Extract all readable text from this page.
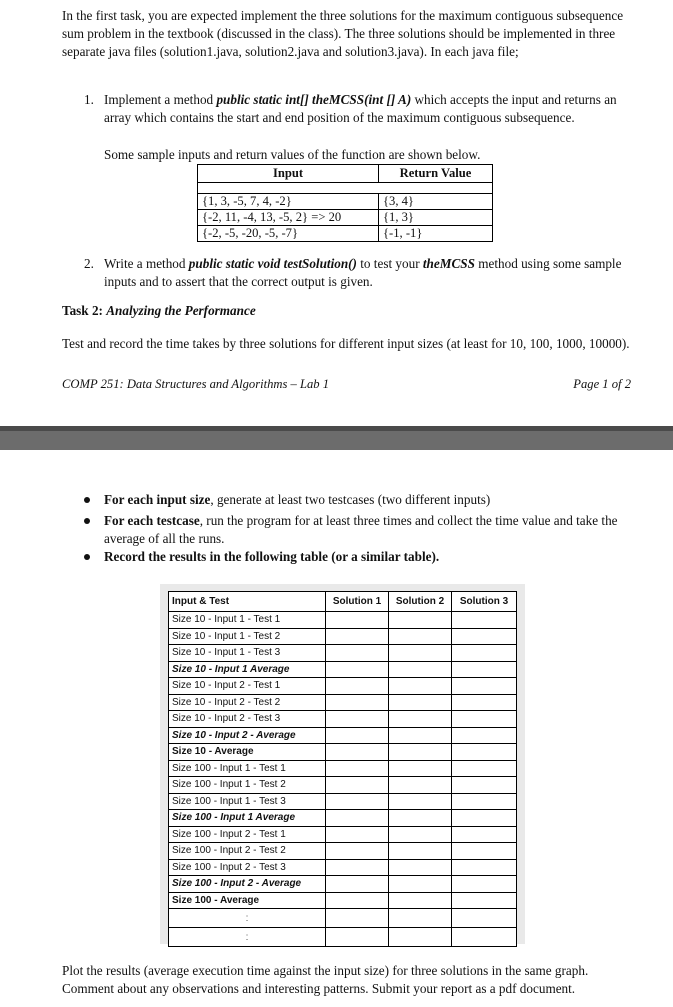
In the first task, you are expected implement the three solutions for the maximum contiguous subsequence sum problem in the textbook (discussed in the class). The three solutions should be implemented in three separate java files (solution1.java, solution2.java and solution3.java). In each java file;
1. Implement a method public static int[] theMCSS(int [] A) which accepts the input and returns an array which contains the start and end position of the maximum contiguous subsequence.
Some sample inputs and return values of the function are shown below.
Input	Return Value

{1, 3, -5, 7, 4, -2}	{3, 4}
{-2, 11, -4, 13, -5, 2} => 20	{1, 3}
{-2, -5, -20, -5, -7}	{-1, -1}
2. Write a method public static void testSolution() to test your theMCSS method using some sample inputs and to assert that the correct output is given.
Task 2: Analyzing the Performance
Test and record the time takes by three solutions for different input sizes (at least for 10, 100, 1000, 10000).
COMP 251: Data Structures and Algorithms – Lab 1	Page 1 of 2
For each input size, generate at least two testcases (two different inputs)
For each testcase, run the program for at least three times and collect the time value and take the average of all the runs.
Record the results in the following table (or a similar table).
Input & Test	Solution 1	Solution 2	Solution 3
Size 10 - Input 1 - Test 1			
Size 10 - Input 1 - Test 2			
Size 10 - Input 1 - Test 3			
Size 10 - Input 1 Average			
Size 10 - Input 2 - Test 1			
Size 10 - Input 2 - Test 2			
Size 10 - Input 2 - Test 3			
Size 10 - Input 2 - Average			
Size 10 - Average			
Size 100 - Input 1 - Test 1			
Size 100 - Input 1 - Test 2			
Size 100 - Input 1 - Test 3			
Size 100 - Input 1 Average			
Size 100 - Input 2 - Test 1			
Size 100 - Input 2 - Test 2			
Size 100 - Input 2 - Test 3			
Size 100 - Input 2 - Average			
Size 100 - Average			
:			
:			
Plot the results (average execution time against the input size) for three solutions in the same graph. Comment about any observations and interesting patterns. Submit your report as a pdf document.
